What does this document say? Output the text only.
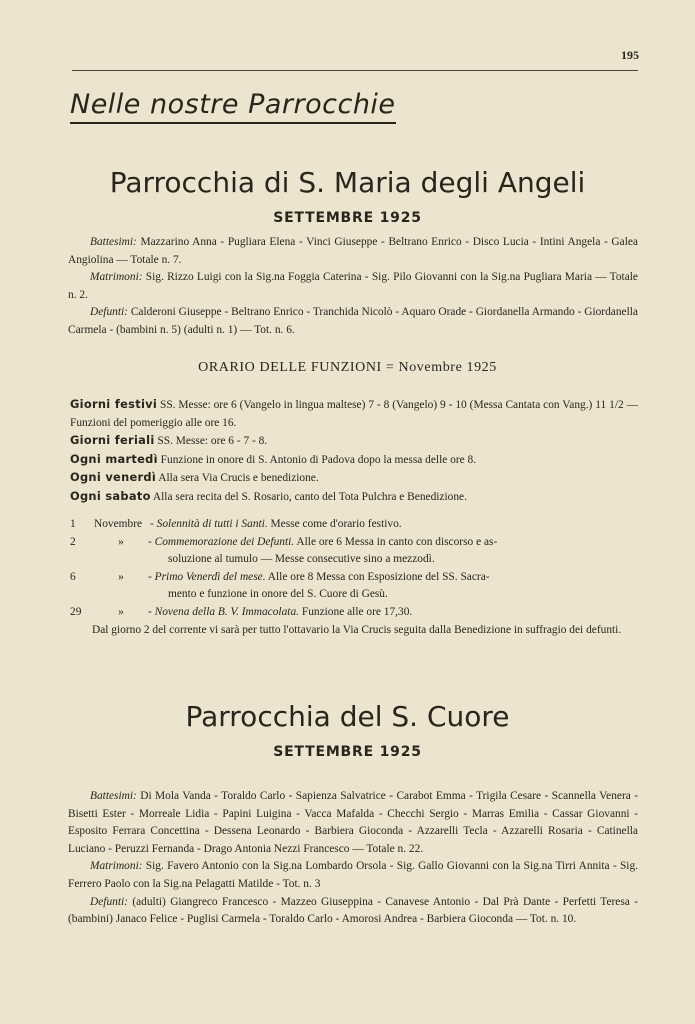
195
Nelle nostre Parrocchie
Parrocchia di S. Maria degli Angeli
SETTEMBRE 1925

Battesimi: Mazzarino Anna - Pugliara Elena - Vinci Giuseppe - Beltrano Enrico - Disco Lucia - Intini Angela - Galea Angiolina — Totale n. 7.

Matrimoni: Sig. Rizzo Luigi con la Sig.na Foggia Caterina - Sig. Pilo Giovanni con la Sig.na Pugliara Maria — Totale n. 2.

Defunti: Calderoni Giuseppe - Beltrano Enrico - Tranchida Nicolò - Aquaro Orade - Giordanella Armando - Giordanella Carmela - (bambini n. 5) (adulti n. 1) — Tot. n. 6.

ORARIO DELLE FUNZIONI = Novembre 1925

Giorni festivi SS. Messe: ore 6 (Vangelo in lingua maltese) 7 - 8 (Vangelo) 9 - 10 (Messa Cantata con Vang.) 11 1/2 — Funzioni del pomeriggio alle ore 16.

Giorni feriali SS. Messe: ore 6 - 7 - 8.

Ogni martedì Funzione in onore di S. Antonio di Padova dopo la messa delle ore 8.

Ogni venerdì Alla sera Via Crucis e benedizione.

Ogni sabato Alla sera recita del S. Rosario, canto del Tota Pulchra e Benedizione.

1	Novembre - Solennità di tutti i Santi. Messe come d'orario festivo.
2	»	- Commemorazione dei Defunti. Alle ore 6 Messa in canto con discorso e as-
soluzione al tumulo — Messe consecutive sino a mezzodì.
6	»	- Primo Venerdì del mese. Alle ore 8 Messa con Esposizione del SS. Sacra-
mento e funzione in onore del S. Cuore di Gesù.
29	»	- Novena della B. V. Immacolata. Funzione alle ore 17,30.

Dal giorno 2 del corrente vi sarà per tutto l'ottavario la Via Crucis seguita dalla Benedizione in suffragio dei defunti.

Parrocchia del S. Cuore
SETTEMBRE 1925

Battesimi: Di Mola Vanda - Toraldo Carlo - Sapienza Salvatrice - Carabot Emma - Trigila Cesare - Scannella Venera - Bisetti Ester - Morreale Lidia - Papini Luigina - Vacca Mafalda - Checchi Sergio - Marras Emilia - Cassar Giovanni - Esposito Ferrara Concettina - Dessena Leonardo - Barbiera Gioconda - Azzarelli Tecla - Azzarelli Rosaria - Catinella Luciano - Peruzzi Fernanda - Drago Antonia Nezzi Francesco — Totale n. 22.

Matrimoni: Sig. Favero Antonio con la Sig.na Lombardo Orsola - Sig. Gallo Giovanni con la Sig.na Tirri Annita - Sig. Ferrero Paolo con la Sig.na Pelagatti Matilde - Tot. n. 3

Defunti: (adulti) Giangreco Francesco - Mazzeo Giuseppina - Canavese Antonio - Dal Prà Dante - Perfetti Teresa - (bambini) Janaco Felice - Puglisi Carmela - Toraldo Carlo - Amorosi Andrea - Barbiera Gioconda — Tot. n. 10.
